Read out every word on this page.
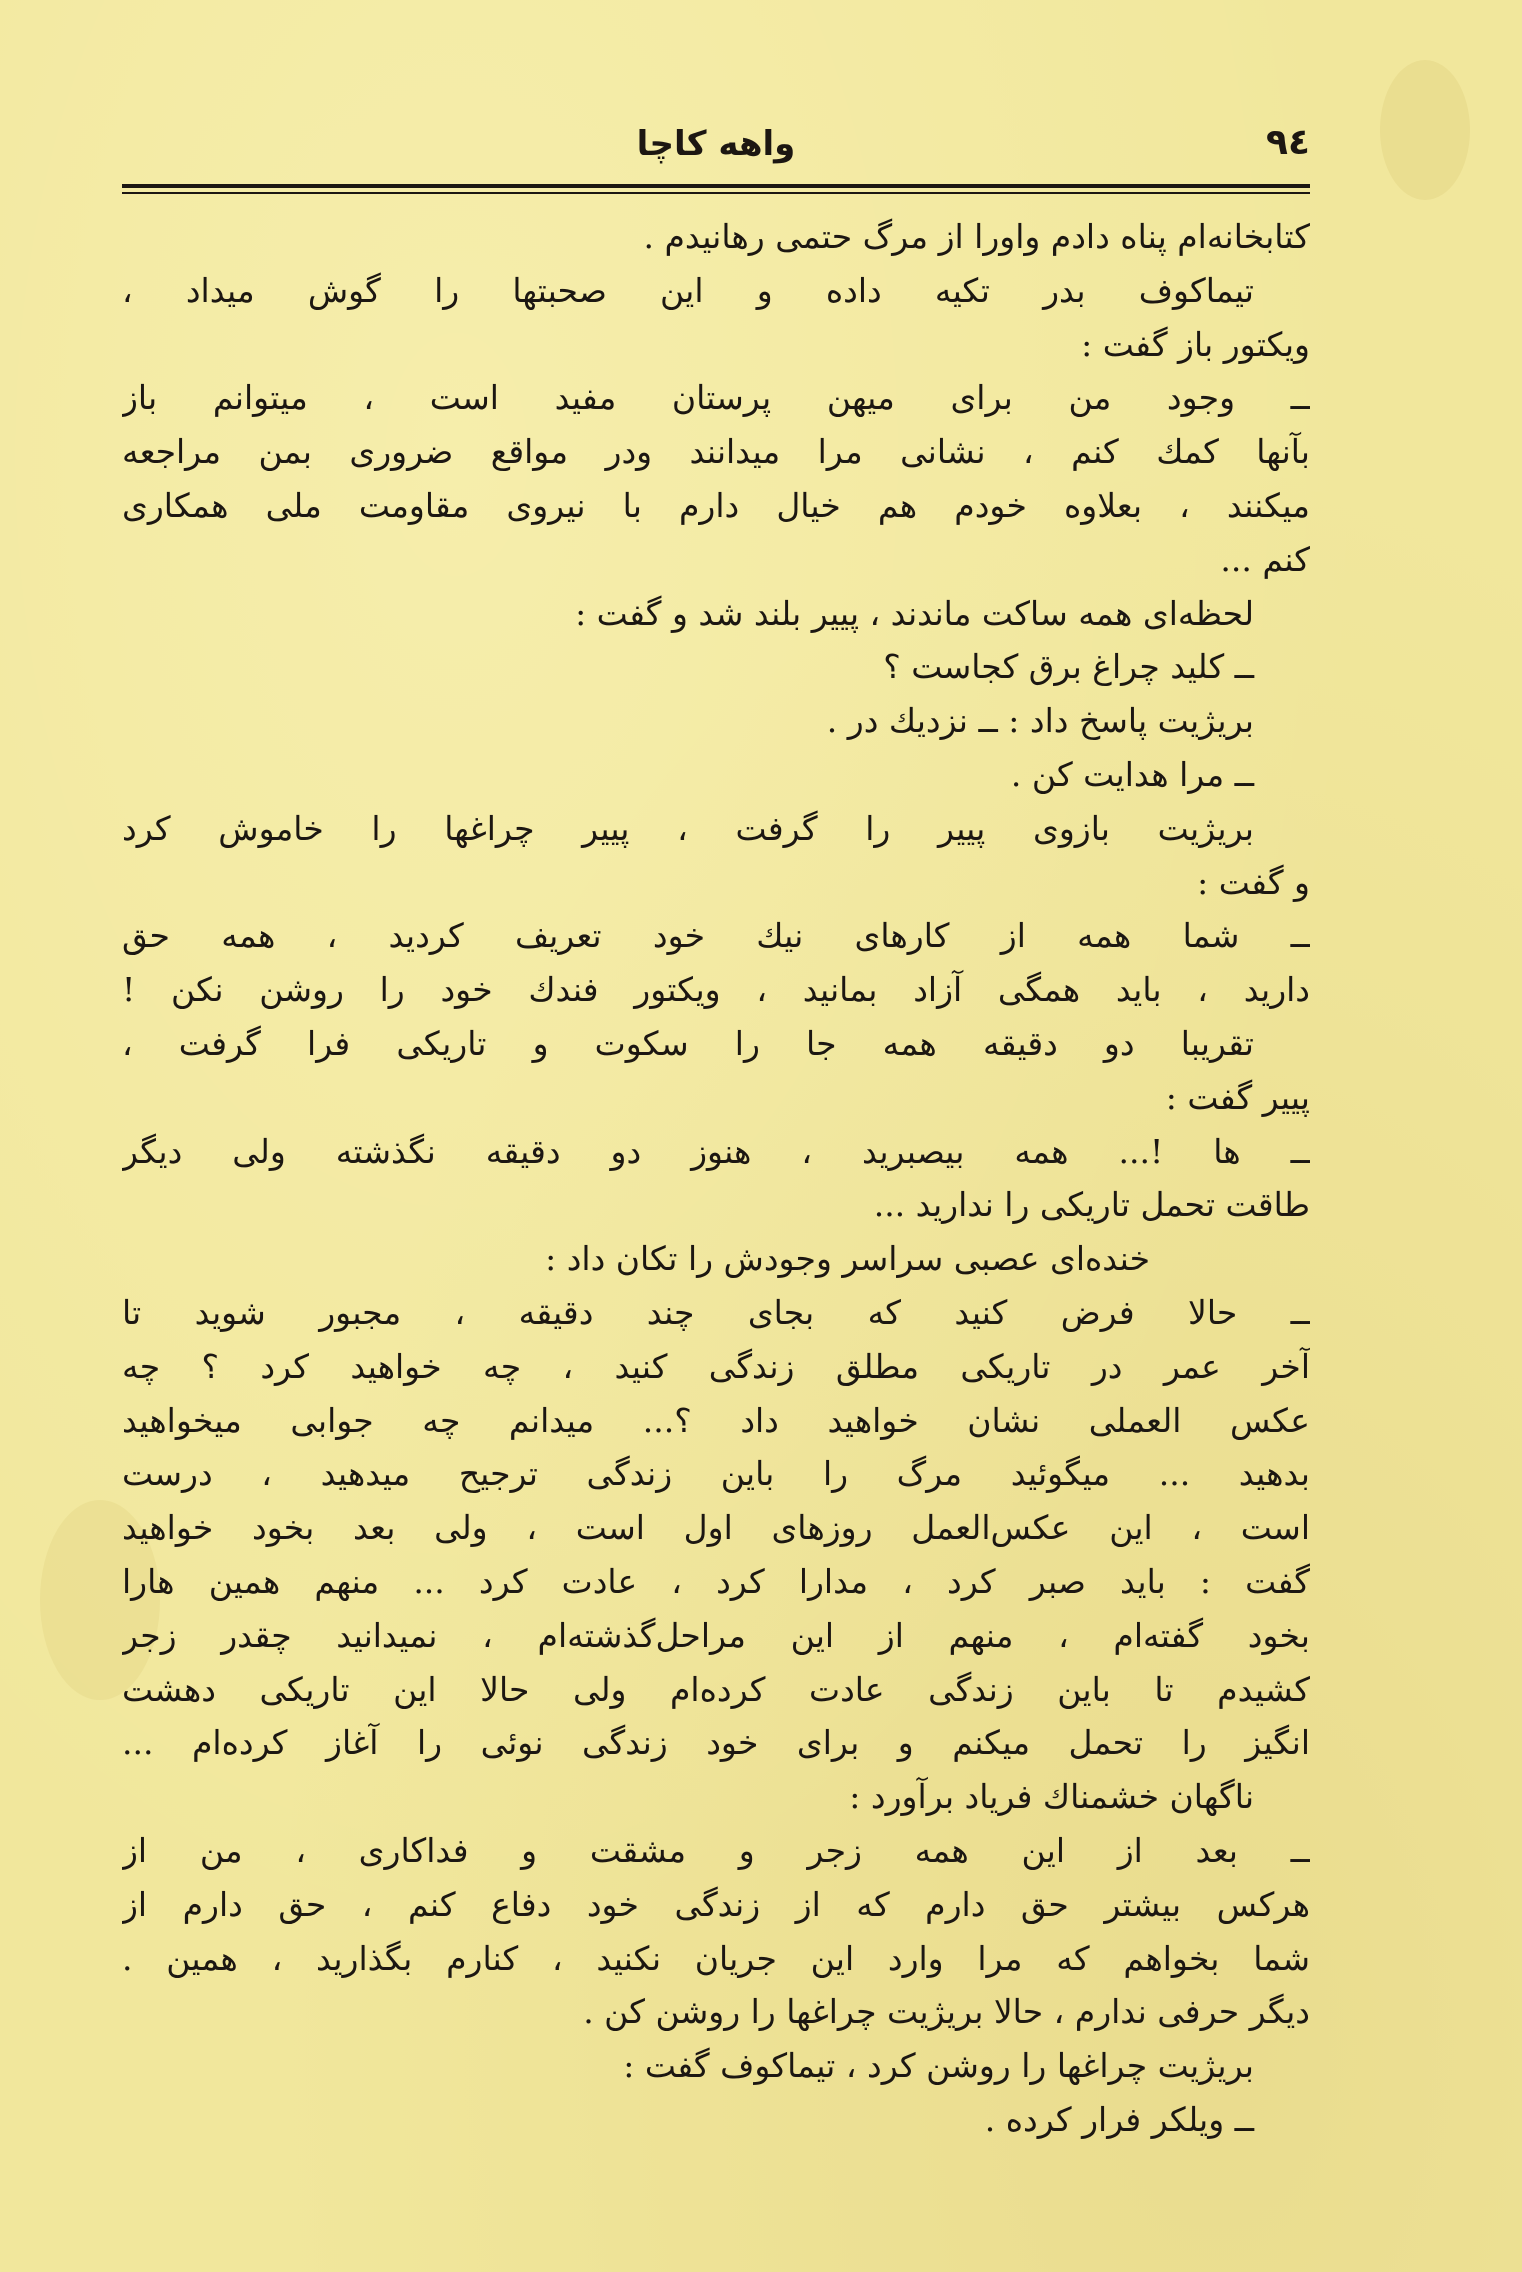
٩٤
واهه کاچا
کتابخانه‌ام پناه دادم واورا از مرگ حتمی رهانیدم .
تیماکوف بدر تکیه داده و این صحبتها را گوش میداد ،
ویکتور باز گفت :
ــ وجود من برای میهن پرستان مفید است ، میتوانم باز
بآنها کمك کنم ، نشانی مرا میدانند ودر مواقع ضروری بمن مراجعه
میکنند ، بعلاوه خودم هم خیال دارم با نیروی مقاومت ملی همکاری
کنم ...
لحظه‌ای همه ساکت ماندند ، پییر بلند شد و گفت :
ــ کلید چراغ برق کجاست ؟
بریژیت پاسخ داد : ــ نزدیك در .
ــ مرا هدایت کن .
بریژیت بازوی پییر را گرفت ، پییر چراغها را خاموش کرد
و گفت :
ــ شما همه از کارهای نیك خود تعریف کردید ، همه حق
دارید ، باید همگی آزاد بمانید ، ویکتور فندك خود را روشن نکن !
تقریبا دو دقیقه همه جا را سکوت و تاریکی فرا گرفت ،
پییر گفت :
ــ ها !... همه بیصبرید ، هنوز دو دقیقه نگذشته ولی دیگر
طاقت تحمل تاریکی را ندارید ...
خنده‌ای عصبی سراسر وجودش را تکان داد :
ــ حالا فرض کنید که بجای چند دقیقه ، مجبور شوید تا
آخر عمر در تاریکی مطلق زندگی کنید ، چه خواهید کرد ؟ چه
عکس العملی نشان خواهید داد ؟... میدانم چه جوابی میخواهید
بدهید ... میگوئید مرگ را باین زندگی ترجیح میدهید ، درست
است ، این عکس‌العمل روزهای اول است ، ولی بعد بخود خواهید
گفت : باید صبر کرد ، مدارا کرد ، عادت کرد ... منهم همین هارا
بخود گفته‌ام ، منهم از این مراحل‌گذشته‌ام ، نمیدانید چقدر زجر
کشیدم تا باین زندگی عادت کرده‌ام ولی حالا این تاریکی دهشت
انگیز را تحمل میکنم و برای خود زندگی نوئی را آغاز کرده‌ام ...
ناگهان خشمناك فریاد برآورد :
ــ بعد از این همه زجر و مشقت و فداکاری ، من از
هرکس بیشتر حق دارم که از زندگی خود دفاع کنم ، حق دارم از
شما بخواهم که مرا وارد این جریان نکنید ، کنارم بگذارید ، همین .
دیگر حرفی ندارم ، حالا بریژیت چراغها را روشن کن .
بریژیت چراغها را روشن کرد ، تیماکوف گفت :
ــ ویلکر فرار کرده .
